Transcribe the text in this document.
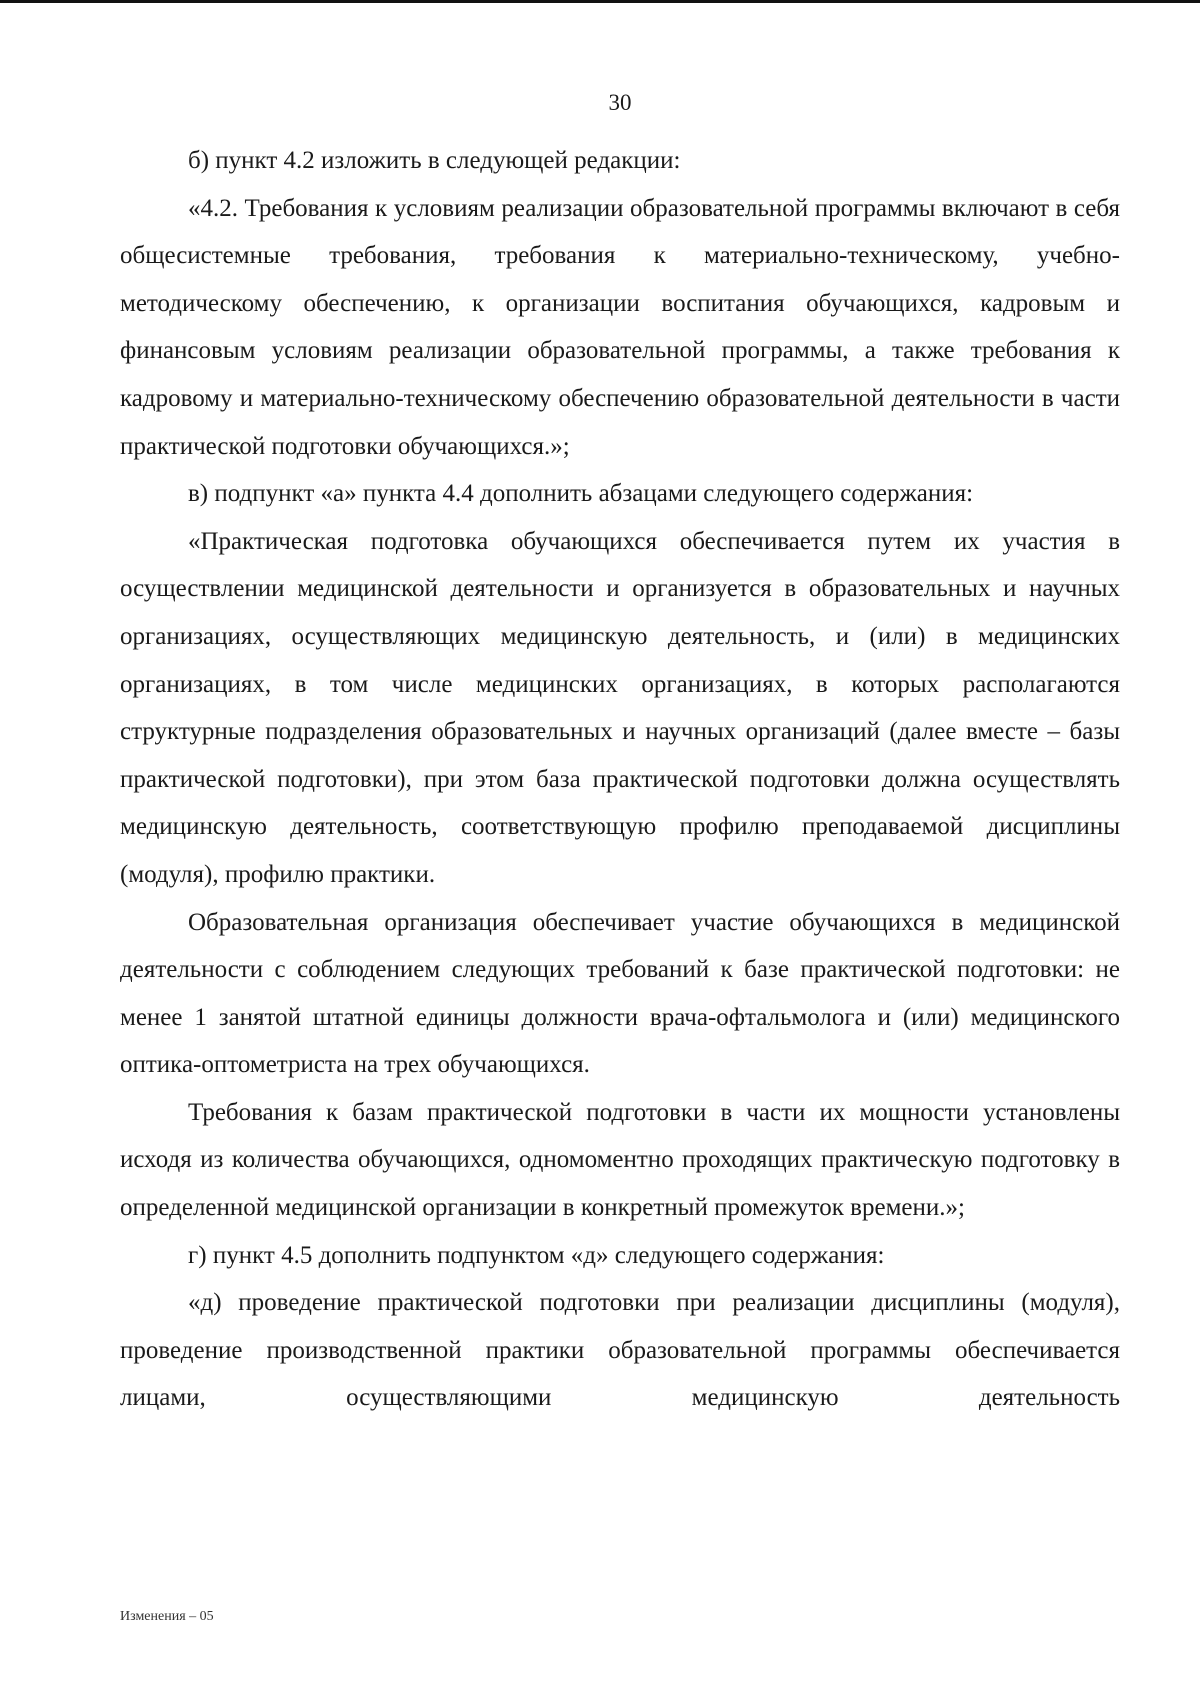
30

б) пункт 4.2 изложить в следующей редакции:

«4.2. Требования к условиям реализации образовательной программы включают в себя общесистемные требования, требования к материально-техническому, учебно-методическому обеспечению, к организации воспитания обучающихся, кадровым и финансовым условиям реализации образовательной программы, а также требования к кадровому и материально-техническому обеспечению образовательной деятельности в части практической подготовки обучающихся.»;

в) подпункт «а» пункта 4.4 дополнить абзацами следующего содержания:

«Практическая подготовка обучающихся обеспечивается путем их участия в осуществлении медицинской деятельности и организуется в образовательных и научных организациях, осуществляющих медицинскую деятельность, и (или) в медицинских организациях, в том числе медицинских организациях, в которых располагаются структурные подразделения образовательных и научных организаций (далее вместе – базы практической подготовки), при этом база практической подготовки должна осуществлять медицинскую деятельность, соответствующую профилю преподаваемой дисциплины (модуля), профилю практики.

Образовательная организация обеспечивает участие обучающихся в медицинской деятельности с соблюдением следующих требований к базе практической подготовки: не менее 1 занятой штатной единицы должности врача-офтальмолога и (или) медицинского оптика-оптометриста на трех обучающихся.

Требования к базам практической подготовки в части их мощности установлены исходя из количества обучающихся, одномоментно проходящих практическую подготовку в определенной медицинской организации в конкретный промежуток времени.»;

г) пункт 4.5 дополнить подпунктом «д» следующего содержания:

«д) проведение практической подготовки при реализации дисциплины (модуля), проведение производственной практики образовательной программы обеспечивается лицами, осуществляющими медицинскую деятельность

Изменения – 05
